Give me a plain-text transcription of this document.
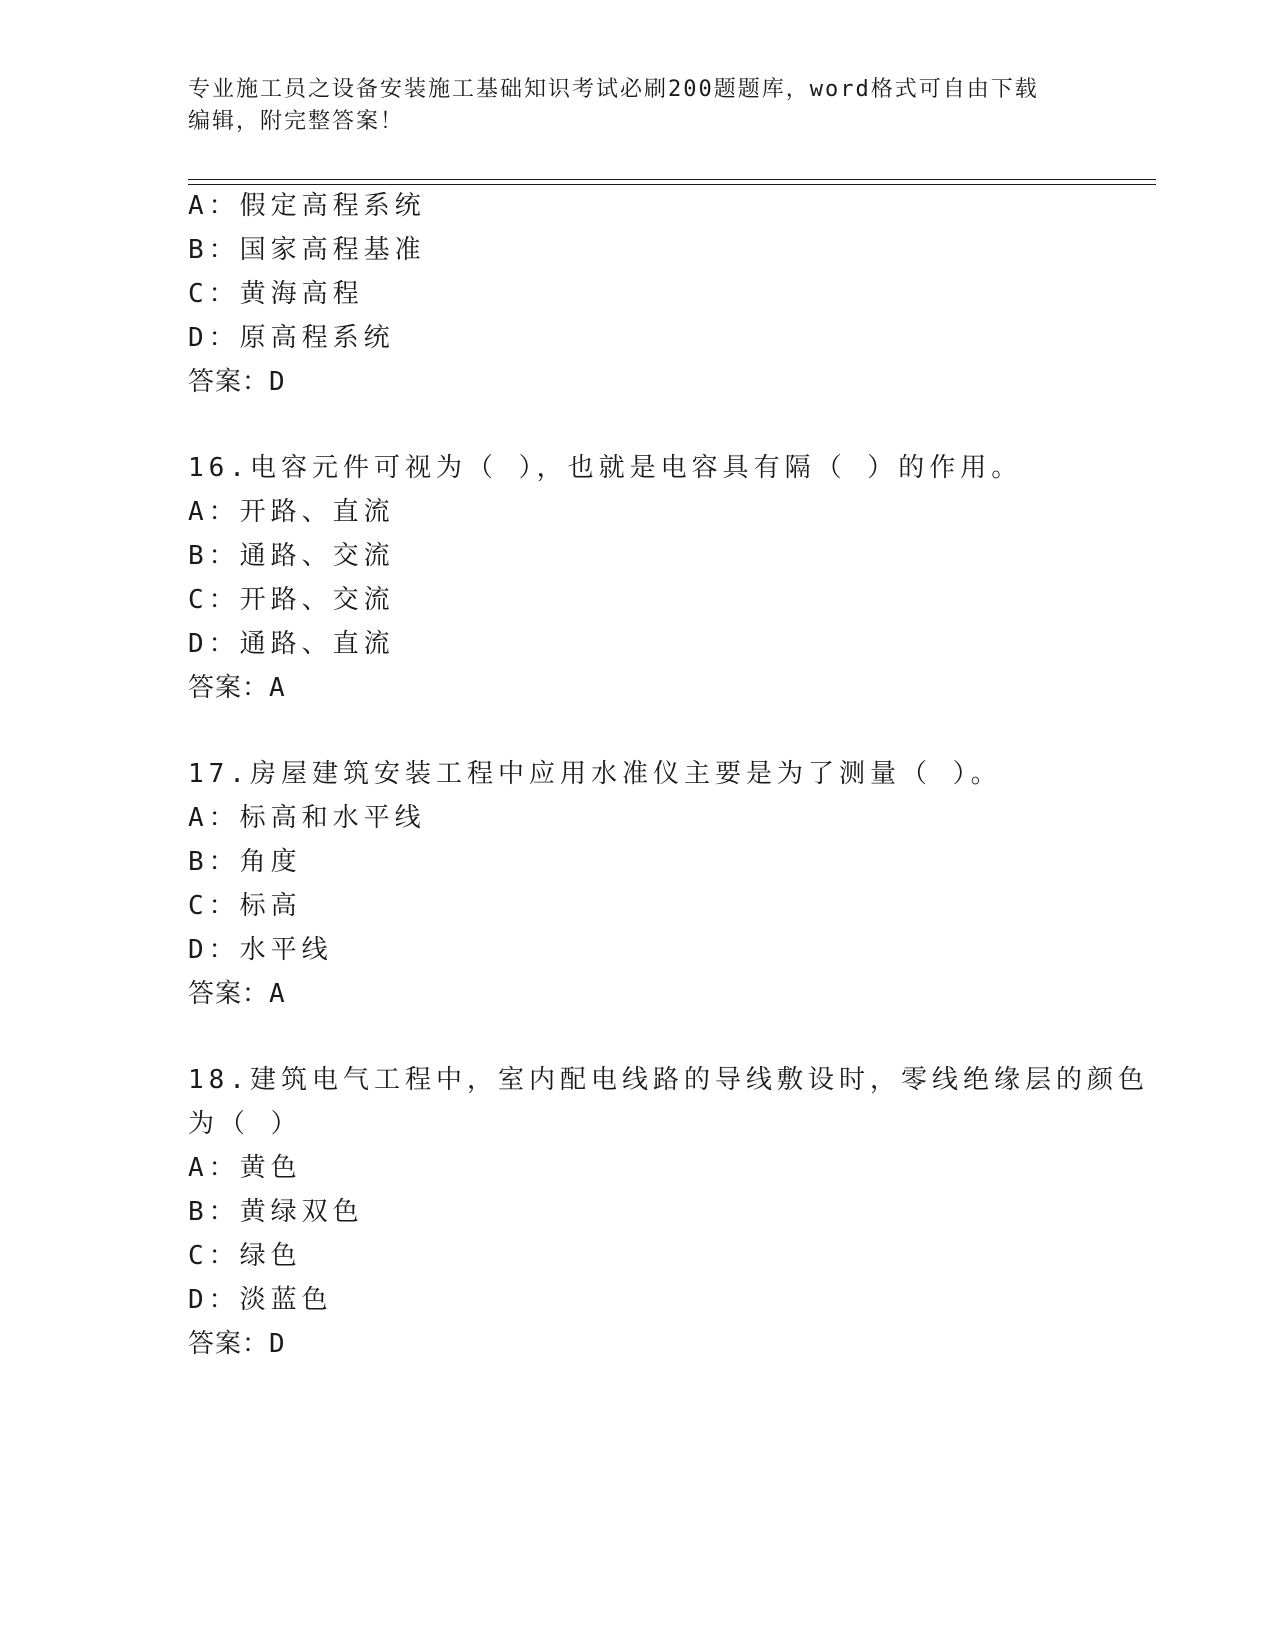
专业施工员之设备安装施工基础知识考试必刷200题题库，word格式可自由下载
编辑，附完整答案！
A：假定高程系统
B：国家高程基准
C：黄海高程
D：原高程系统
答案：D
16.电容元件可视为（ ），也就是电容具有隔（ ）的作用。
A：开路、直流
B：通路、交流
C：开路、交流
D：通路、直流
答案：A
17.房屋建筑安装工程中应用水准仪主要是为了测量（ ）。
A：标高和水平线
B：角度
C：标高
D：水平线
答案：A
18.建筑电气工程中，室内配电线路的导线敷设时，零线绝缘层的颜色
为（ ）
A：黄色
B：黄绿双色
C：绿色
D：淡蓝色
答案：D
